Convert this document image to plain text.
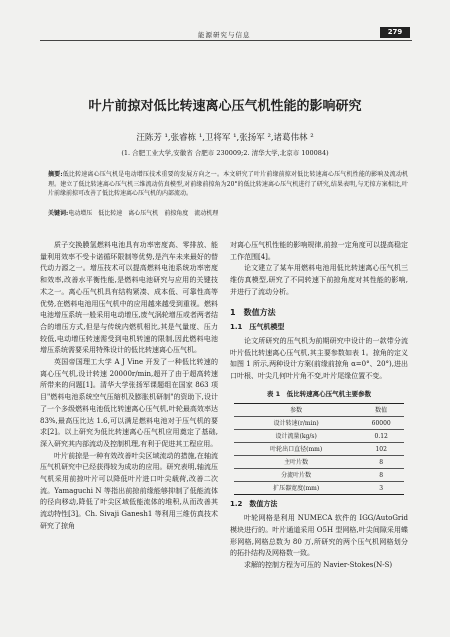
能源研究与信息	279
叶片前掠对低比转速离心压气机性能的影响研究
汪陈芳 ¹,张睿栋 ¹,卫将军 ¹,张扬军 ²,诸葛伟林 ²
(1. 合肥工业大学,安徽省 合肥市 230009;2. 清华大学,北京市 100084)
摘要:低比转速离心压气机是电动增压技术重要的发展方向之一。本文研究了叶片前缘前掠对低比转速离心压气机性能的影响及流动机理。建立了低比转速离心压气机三维流动仿真模型,对前缘前掠角为20°的低比转速离心压气机进行了研究,结果表明,与无掠方案相比,叶片前缘前掠可改善了低比转速离心压气机的内部流动。
关键词:电动增压　低比转速　离心压气机　前掠角度　流动机理

质子交换膜氢燃料电池具有功率密度高、零排放、能量利用效率不受卡诺循环限制等优势,是汽车未来最好的替代动力源之一。增压技术可以提高燃料电池系统功率密度和效率,改善水平衡性能,是燃料电池研究与应用的关键技术之一。离心压气机具有结构紧凑、成本低、可靠性高等优势,在燃料电池用压气机中的应用越来越受到重视。燃料电池增压系统一般采用电动增压,废气涡轮增压或者两者结合的增压方式,但是与传统内燃机相比,其是气量度、压力较低,电动增压转速需受到电机转速的限制,因此燃料电池增压系统需要采用特殊设计的低比转速离心压气机。

英国帝国理工大学 A J Vine 开发了一种低比转速的离心压气机,设计转速 20000r/min,超开了由于超高转速所带来的问题[1]。清华大学张扬军课题组在国家 863 项目"燃料电池系统空气压缩机及膨胀机研制"的资助下,设计了一个多级燃料电池低比转速离心压气机,叶轮最高效率达 83%,最高压比达 1.6,可以满足燃料电池对于压气机的要求[2]。以上研究为低比转速离心压气机应用奠定了基础,深入研究其内部流动及控制机理,有利于促进其工程应用。

叶片前掠是一种有效改善叶尖区域流动的措施,在轴流压气机研究中已经获得较为成功的应用。研究表明,轴流压气机采用前掠叶片可以降低叶片进口叶尖载荷,改善二次流。Yamaguchi N 等指出前掠前缘能够抑制了低能流体的径向移动,降低了叶尖区域低能流体的堆积,从而改善其流动特性[3]。Ch. Sivaji Ganesh1 等利用三维仿真技术研究了掠角

对离心压气机性能的影响规律,前掠一定角度可以提高稳定工作范围[4]。

论文建立了某车用燃料电池用低比转速离心压气机三维仿真模型,研究了不同转速下前掠角度对其性能的影响,并进行了流动分析。

1　数值方法
1.1　压气机模型

论文所研究的压气机为前期研究中设计的一款带分流叶片低比转速离心压气机,其主要参数如表 1。掠角的定义如图 1 所示,两种设计方案(前缘前掠角 α=0°、20°),进出口叶根、叶尖几何叶片角不变,叶片尾缘位置不变。

表 1　低比转速离心压气机主要参数
参数	数值
设计转速(r/min)	60000
设计流量(kg/s)	0.12
叶轮出口直径(mm)	102
主叶片数	8
分流叶片数	8
扩压器宽度(mm)	3
1.2　数值方法

叶轮网格是利用 NUMECA 软件的 IGG/AutoGrid 模块进行的。叶片通道采用 O5H 型网格,叶尖间隙采用蝶形网格,网格总数为 80 万,所研究的两个压气机网格划分的拓扑结构及网格数一致。

求解的控制方程为可压的 Navier-Stokes(N-S)
